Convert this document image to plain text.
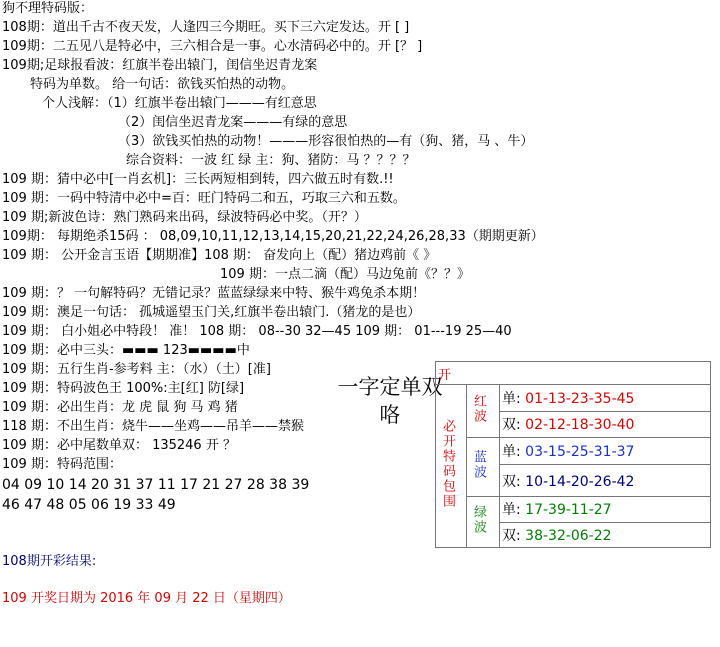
狗不理特码版：
108期：道出千古不夜天发，人逢四三今期旺。买下三六定发达。开 [ ]
109期：二五见八是特必中，三六相合是一事。心水清码必中的。开 [？ ]
109期;足球报看波：红旗半卷出辕门，闺信坐迟青龙案
特码为单数。 给一句话：欲钱买怕热的动物。
个人浅解：（1）红旗半卷出辕门———有红意思
（2）闺信坐迟青龙案———有绿的意思
（3）欲钱买怕热的动物！———形容很怕热的—有（狗、猪，马 、牛）
综合资料：一波 红 绿 主：狗、猪防：马 ？？？？
109 期：猜中必中[一肖玄机]：三长两短相到转，四六做五时有数.!!
109 期：一码中特清中必中=百：旺门特码二和五，巧取三六和五数。
109 期;新波色诗：熟门熟码来出码，绿波特码必中奖。（开？）
109期： 每期绝杀15码 ： 08,09,10,11,12,13,14,15,20,21,22,24,26,28,33（期期更新）
109 期： 公开金言玉语【期期准】108 期： 奋发向上（配）猪边鸡前《 》
109 期：一点二滴（配）马边兔前《？？》
109 期：？ 一句解特码？无错记录？蓝蓝绿绿来中特、猴牛鸡兔杀本期！
109 期：澳足一句话： 孤城遥望玉门关,红旗半卷出辕门.（猪龙的是也）
109 期： 白小姐必中特段！ 准！ 108 期： 08--30 32—45 109 期： 01---19 25—40
109 期：必中三头：▬▬▬ 123▬▬▬▬中
109 期：五行生肖-参考料 主：（水）（土）[准]
109 期：特码波色王 100%:主[红] 防[绿]
109 期：必出生肖：龙 虎 鼠 狗 马 鸡 猪
118 期：不出生肖：烧牛——坐鸡——吊羊——禁猴
109 期：必中尾数单双： 135246 开 ？
109 期：特码范围：
04 09 10 14 20 31 37 11 17 21 27 28 38 39
46 47 48 05 06 19 33 49
一字定单双咯
开		
必开特码包围	红波	单: 01-13-23-35-45
		双: 02-12-18-30-40
	蓝波	单: 03-15-25-31-37
		双: 10-14-20-26-42
	绿波	单: 17-39-11-27
		双: 38-32-06-22
108期开彩结果:
109 开奖日期为 2016 年 09 月 22 日（星期四）
